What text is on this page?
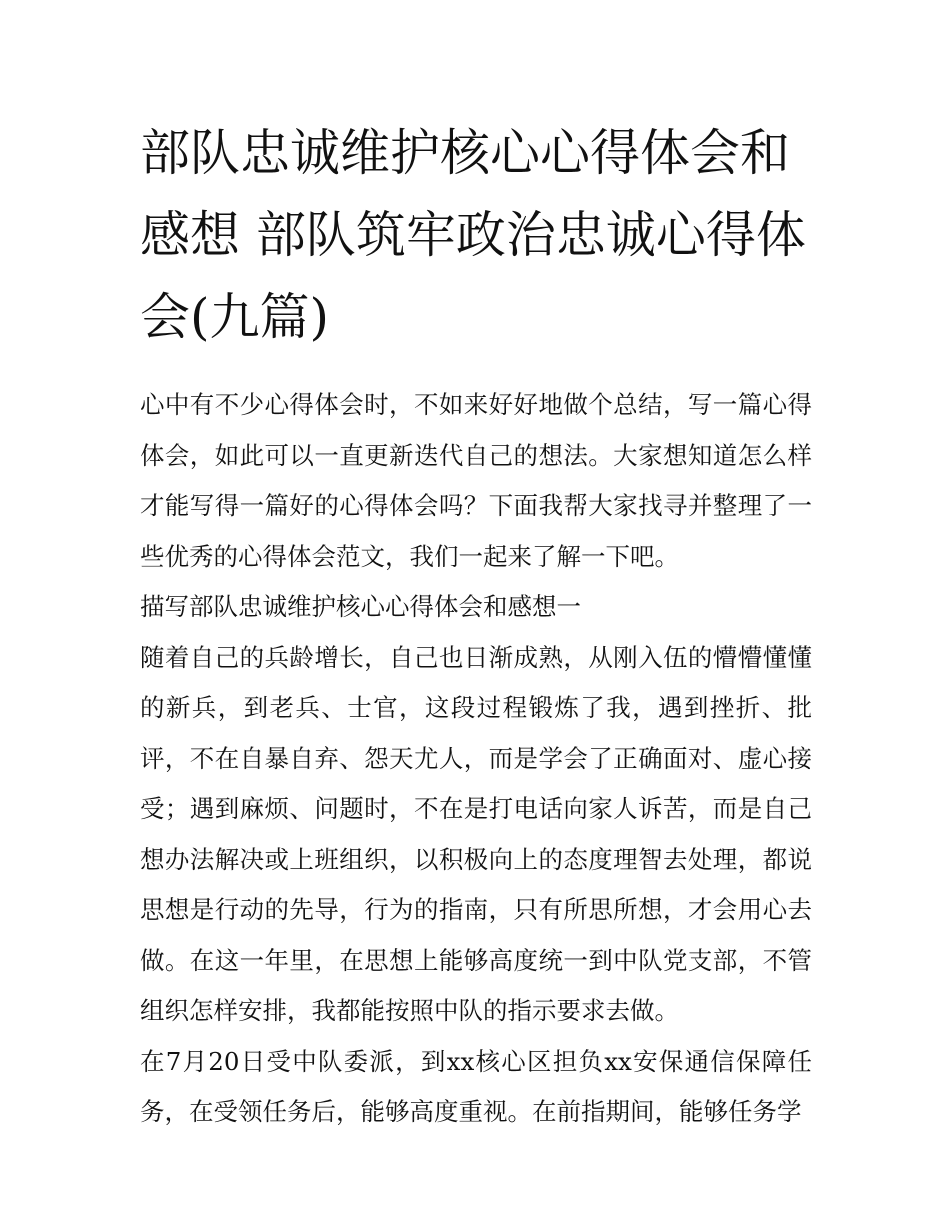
部队忠诚维护核心心得体会和感想 部队筑牢政治忠诚心得体会(九篇)

心中有不少心得体会时，不如来好好地做个总结，写一篇心得体会，如此可以一直更新迭代自己的想法。大家想知道怎么样才能写得一篇好的心得体会吗？下面我帮大家找寻并整理了一些优秀的心得体会范文，我们一起来了解一下吧。

描写部队忠诚维护核心心得体会和感想一

随着自己的兵龄增长，自己也日渐成熟，从刚入伍的懵懵懂懂的新兵，到老兵、士官，这段过程锻炼了我，遇到挫折、批评，不在自暴自弃、怨天尤人，而是学会了正确面对、虚心接受；遇到麻烦、问题时，不在是打电话向家人诉苦，而是自己想办法解决或上班组织，以积极向上的态度理智去处理，都说思想是行动的先导，行为的指南，只有所思所想，才会用心去做。在这一年里，在思想上能够高度统一到中队党支部，不管组织怎样安排，我都能按照中队的指示要求去做。

在7月20日受中队委派，到xx核心区担负xx安保通信保障任务，在受领任务后，能够高度重视。在前指期间，能够任务学
